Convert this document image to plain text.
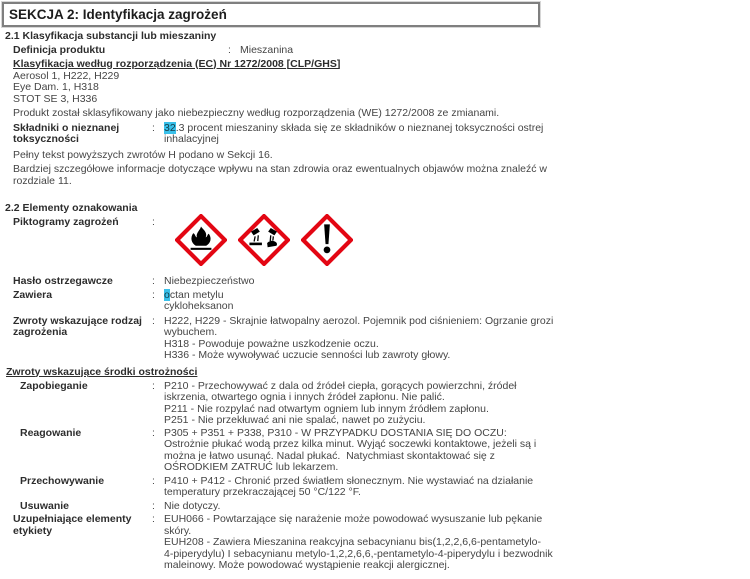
SEKCJA 2: Identyfikacja zagrożeń
2.1 Klasyfikacja substancji lub mieszaniny
Definicja produktu	: Mieszanina
Klasyfikacja według rozporządzenia (EC) Nr 1272/2008 [CLP/GHS]
Aerosol 1, H222, H229
Eye Dam. 1, H318
STOT SE 3, H336
Produkt został sklasyfikowany jako niebezpieczny według rozporządzenia (WE) 1272/2008 ze zmianami.
Składniki o nieznanej toksyczności
: 32.3 procent mieszaniny składa się ze składników o nieznanej toksyczności ostrej
inhalacyjnej
Pełny tekst powyższych zwrotów H podano w Sekcji 16.
Bardziej szczegółowe informacje dotyczące wpływu na stan zdrowia oraz ewentualnych objawów można znaleźć w
rozdziale 11.
2.2 Elementy oznakowania
Piktogramy zagrożeń	:
Hasło ostrzegawcze	: Niebezpieczeństwo
Zawiera	: octan metylu
cykloheksanon
Zwroty wskazujące rodzaj zagrożenia
: H222, H229 - Skrajnie łatwopalny aerozol. Pojemnik pod ciśnieniem: Ogrzanie grozi
wybuchem.
H318 - Powoduje poważne uszkodzenie oczu.
H336 - Może wywoływać uczucie senności lub zawroty głowy.
Zwroty wskazujące środki ostrożności
Zapobieganie	: P210 - Przechowywać z dala od źródeł ciepła, gorących powierzchni, źródeł
iskrzenia, otwartego ognia i innych źródeł zapłonu. Nie palić.
P211 - Nie rozpylać nad otwartym ogniem lub innym źródłem zapłonu.
P251 - Nie przekłuwać ani nie spalać, nawet po zużyciu.
Reagowanie	: P305 + P351 + P338, P310 - W PRZYPADKU DOSTANIA SIĘ DO OCZU:
Ostrożnie płukać wodą przez kilka minut. Wyjąć soczewki kontaktowe, jeżeli są i
można je łatwo usunąć. Nadal płukać.  Natychmiast skontaktować się z
OŚRODKIEM ZATRUĆ lub lekarzem.
Przechowywanie	: P410 + P412 - Chronić przed światłem słonecznym. Nie wystawiać na działanie
temperatury przekraczającej 50 °C/122 °F.
Usuwanie	: Nie dotyczy.
Uzupełniające elementy etykiety
: EUH066 - Powtarzające się narażenie może powodować wysuszanie lub pękanie
skóry.
EUH208 - Zawiera Mieszanina reakcyjna sebacynianu bis(1,2,2,6,6-pentametylo-
4-piperydylu) I sebacynianu metylo-1,2,2,6,6,-pentametylo-4-piperydylu i bezwodnik
maleinowy. Może powodować wystąpienie reakcji alergicznej.
